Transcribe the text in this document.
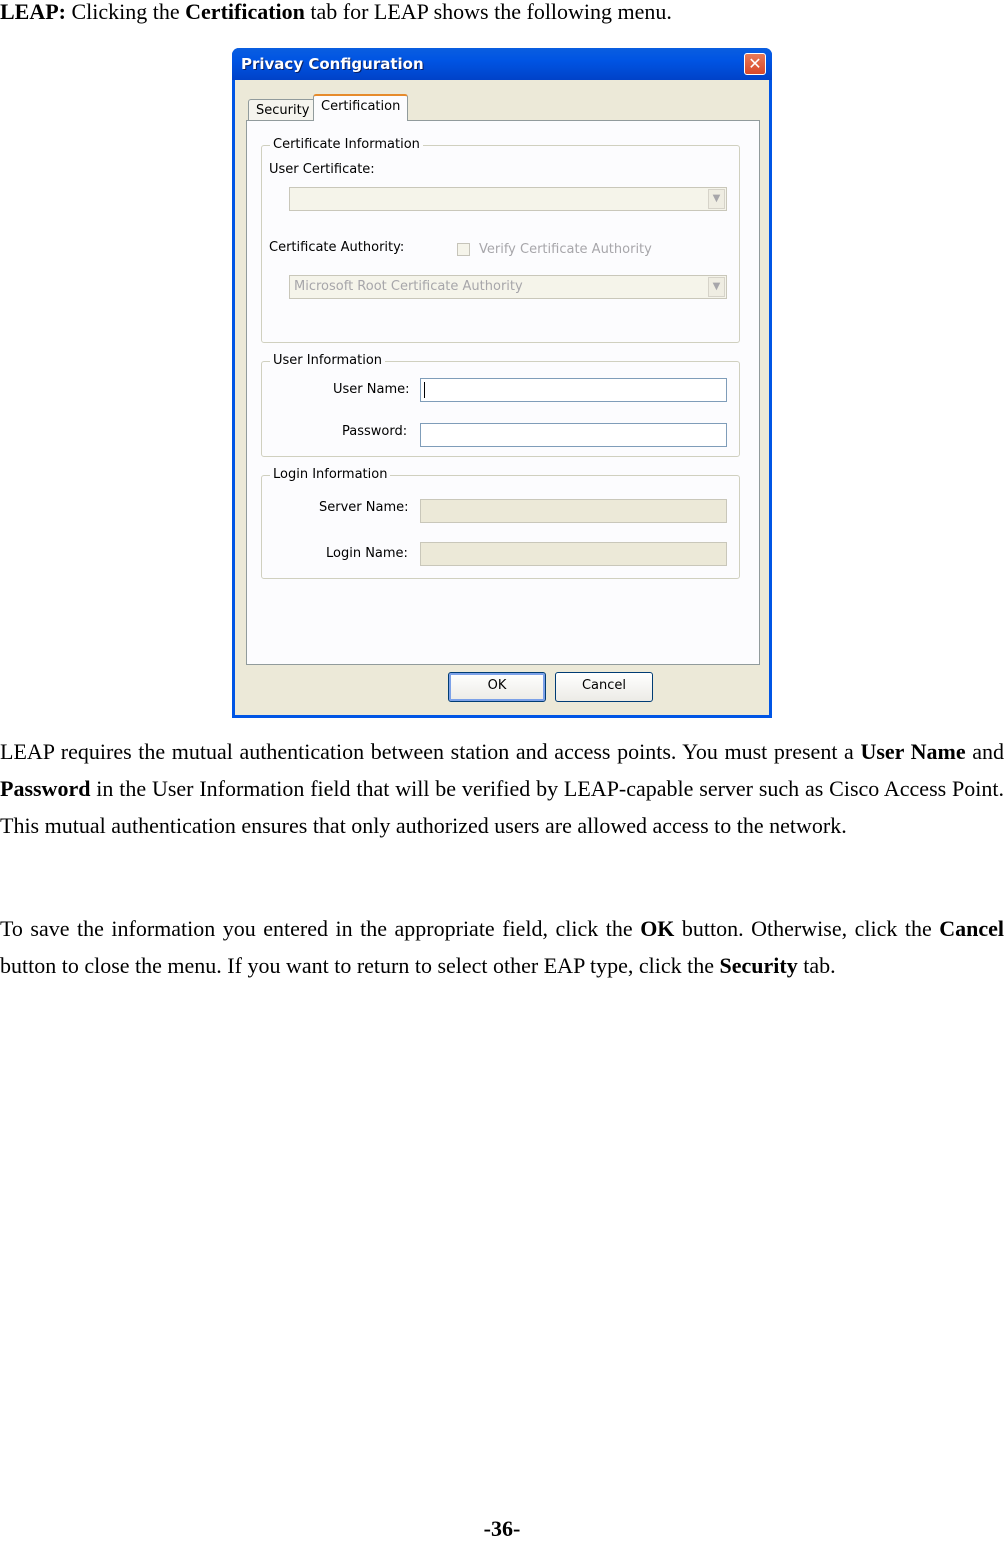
LEAP: Clicking the Certification tab for LEAP shows the following menu.

Privacy Configuration	✕
Security Certification
Certificate Information
User Certificate:
▼
Certificate Authority:	Verify Certificate Authority
Microsoft Root Certificate Authority	▼
User Information
User Name:
Password:
Login Information
Server Name:
Login Name:
OK	Cancel

LEAP requires the mutual authentication between station and access points. You must present a User Name and Password in the User Information field that will be verified by LEAP-capable server such as Cisco Access Point. This mutual authentication ensures that only authorized users are allowed access to the network.

To save the information you entered in the appropriate field, click the OK button. Otherwise, click the Cancel button to close the menu. If you want to return to select other EAP type, click the Security tab.

-36-
